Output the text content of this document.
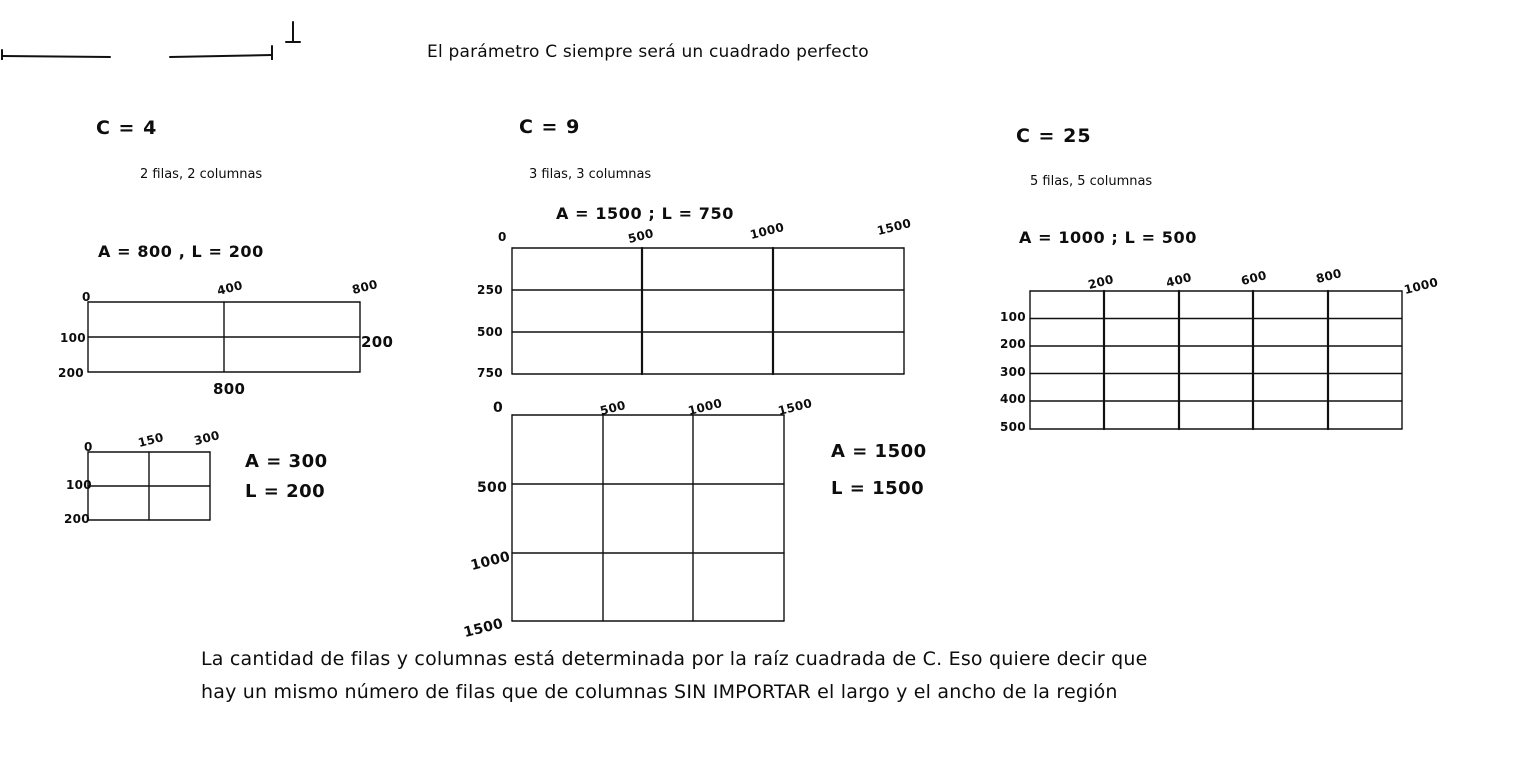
El parámetro C siempre será un cuadrado perfecto
C = 4
2 filas, 2 columnas
A = 800 , L = 200
0	400	800
100
200
800
200
0	150 300
100
200
A = 300
L = 200
C = 9
3 filas, 3 columnas
A = 1500 ; L = 750
0	500	1000	1500
250
500
750
0	500	1000	1500
500
1000
1500
A = 1500
L = 1500
C = 25
5 filas, 5 columnas
A = 1000 ; L = 500
200	400	600	800	1000
100
200
300
400
500
La cantidad de filas y columnas está determinada por la raíz cuadrada de C. Eso quiere decir que
hay un mismo número de filas que de columnas SIN IMPORTAR el largo y el ancho de la región
